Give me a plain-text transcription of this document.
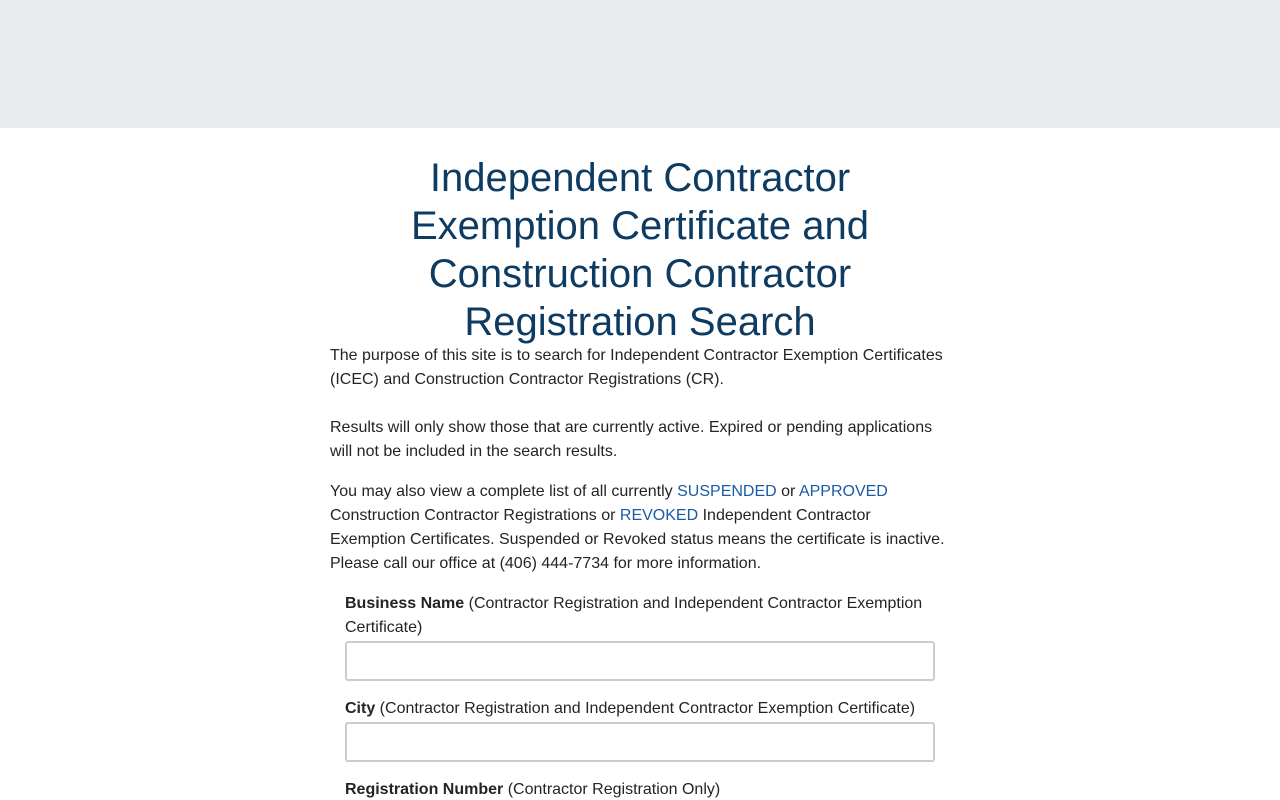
Independent Contractor Exemption Certificate and Construction Contractor Registration Search

The purpose of this site is to search for Independent Contractor Exemption Certificates (ICEC) and Construction Contractor Registrations (CR).

Results will only show those that are currently active. Expired or pending applications will not be included in the search results.

You may also view a complete list of all currently SUSPENDED or APPROVED Construction Contractor Registrations or REVOKED Independent Contractor Exemption Certificates. Suspended or Revoked status means the certificate is inactive. Please call our office at (406) 444-7734 for more information.

Business Name (Contractor Registration and Independent Contractor Exemption Certificate)
City (Contractor Registration and Independent Contractor Exemption Certificate)
Registration Number (Contractor Registration Only)
